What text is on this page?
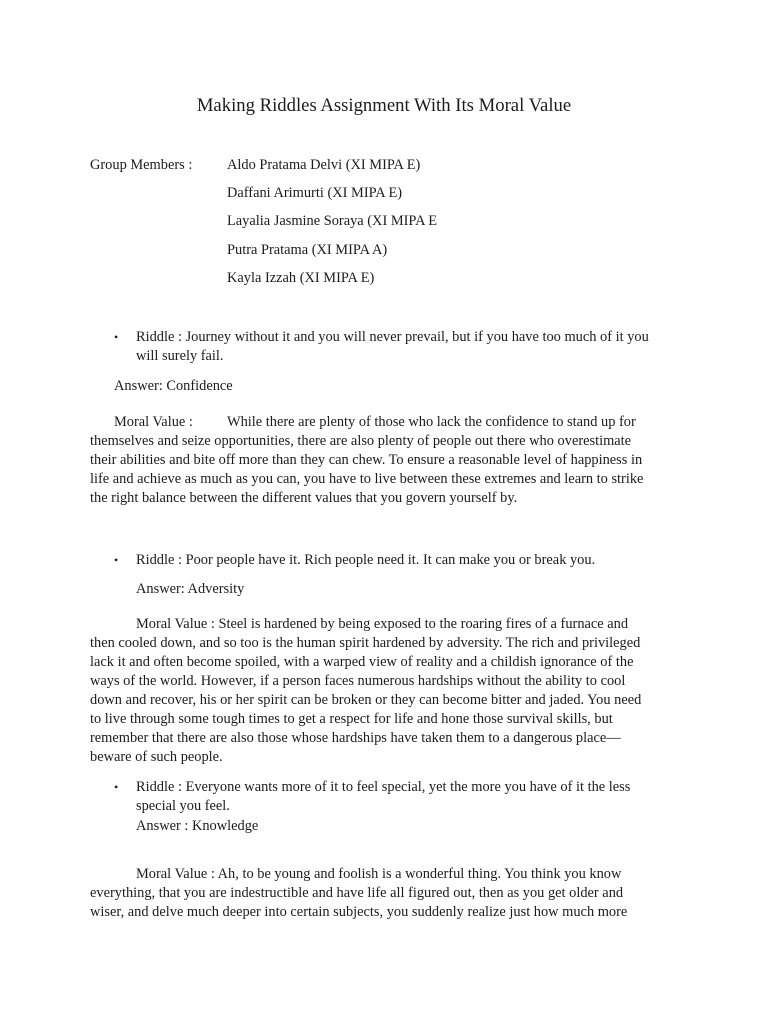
Making Riddles Assignment With Its Moral Value
Group Members : Aldo Pratama Delvi (XI MIPA E)
Daffani Arimurti (XI MIPA E)
Layalia Jasmine Soraya (XI MIPA E
Putra Pratama (XI MIPA A)
Kayla Izzah (XI MIPA E)
• Riddle : Journey without it and you will never prevail, but if you have too much of it you
will surely fail.
Answer: Confidence
Moral Value :	While there are plenty of those who lack the confidence to stand up for
themselves and seize opportunities, there are also plenty of people out there who overestimate
their abilities and bite off more than they can chew. To ensure a reasonable level of happiness in
life and achieve as much as you can, you have to live between these extremes and learn to strike
the right balance between the different values that you govern yourself by.
• Riddle : Poor people have it. Rich people need it. It can make you or break you.
Answer: Adversity
Moral Value : Steel is hardened by being exposed to the roaring fires of a furnace and
then cooled down, and so too is the human spirit hardened by adversity. The rich and privileged
lack it and often become spoiled, with a warped view of reality and a childish ignorance of the
ways of the world. However, if a person faces numerous hardships without the ability to cool
down and recover, his or her spirit can be broken or they can become bitter and jaded. You need
to live through some tough times to get a respect for life and hone those survival skills, but
remember that there are also those whose hardships have taken them to a dangerous place—
beware of such people.
• Riddle : Everyone wants more of it to feel special, yet the more you have of it the less
special you feel.
Answer : Knowledge
Moral Value : Ah, to be young and foolish is a wonderful thing. You think you know
everything, that you are indestructible and have life all figured out, then as you get older and
wiser, and delve much deeper into certain subjects, you suddenly realize just how much more
